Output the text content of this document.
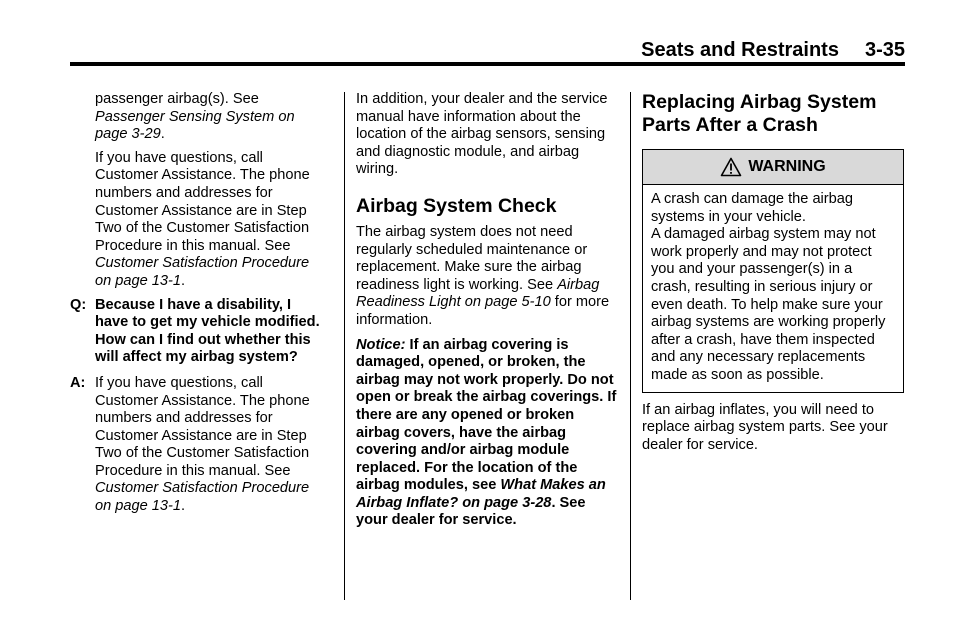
Seats and Restraints 3-35

passenger airbag(s). See Passenger Sensing System on page 3-29.

If you have questions, call Customer Assistance. The phone numbers and addresses for Customer Assistance are in Step Two of the Customer Satisfaction Procedure in this manual. See Customer Satisfaction Procedure on page 13-1.

Q: Because I have a disability, I have to get my vehicle modified. How can I find out whether this will affect my airbag system?
A: If you have questions, call Customer Assistance. The phone numbers and addresses for Customer Assistance are in Step Two of the Customer Satisfaction Procedure in this manual. See Customer Satisfaction Procedure on page 13-1.

In addition, your dealer and the service manual have information about the location of the airbag sensors, sensing and diagnostic module, and airbag wiring.

Airbag System Check

The airbag system does not need regularly scheduled maintenance or replacement. Make sure the airbag readiness light is working. See Airbag Readiness Light on page 5-10 for more information.

Notice: If an airbag covering is damaged, opened, or broken, the airbag may not work properly. Do not open or break the airbag coverings. If there are any opened or broken airbag covers, have the airbag covering and/or airbag module replaced. For the location of the airbag modules, see What Makes an Airbag Inflate? on page 3-28. See your dealer for service.

Replacing Airbag System Parts After a Crash
WARNING

A crash can damage the airbag systems in your vehicle.

A damaged airbag system may not work properly and may not protect you and your passenger(s) in a crash, resulting in serious injury or even death. To help make sure your airbag systems are working properly after a crash, have them inspected and any necessary replacements made as soon as possible.

If an airbag inflates, you will need to replace airbag system parts. See your dealer for service.
